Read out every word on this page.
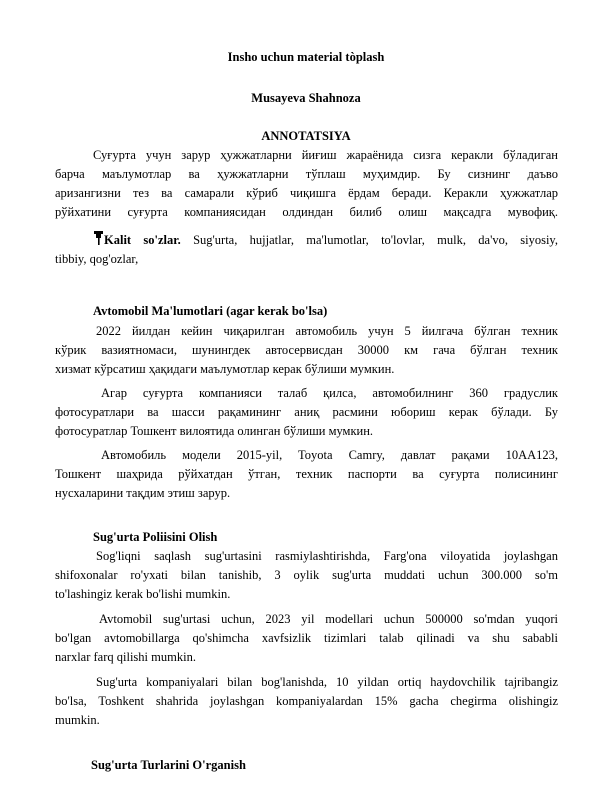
Insho uchun material tòplash
Musayeva Shahnoza
ANNOTATSIYA
Суғурта учун зарур ҳужжатларни йиғиш жараёнида сизга керакли бўладиган
барча маълумотлар ва ҳужжатларни тўплаш муҳимдир. Бу сизнинг даъво
аризангизни тез ва самарали кўриб чиқишга ёрдам беради. Керакли ҳужжатлар
рўйхатини суғурта компаниясидан олдиндан билиб олиш мақсадга мувофиқ.
Kalit so'zlar. Sug'urta, hujjatlar, ma'lumotlar, to'lovlar, mulk, da'vo, siyosiy,
tibbiy, qog'ozlar,
Avtomobil Ma'lumotlari (agar kerak bo'lsa)
2022 йилдан кейин чиқарилган автомобиль учун 5 йилгача бўлган техник
кўрик вазиятномаси, шунингдек автосервисдан 30000 км гача бўлган техник
хизмат кўрсатиш ҳақидаги маълумотлар керак бўлиши мумкин.
Агар суғурта компанияси талаб қилса, автомобилнинг 360 градуслик
фотосуратлари ва шасси рақамининг аниқ расмини юбориш керак бўлади. Бу
фотосуратлар Тошкент вилоятида олинган бўлиши мумкин.
Автомобиль модели 2015-yil, Toyota Camry, давлат рақами 10AA123,
Тошкент шаҳрида рўйхатдан ўтган, техник паспорти ва суғурта полисининг
нусхаларини тақдим этиш зарур.
Sug'urta Poliisini Olish
Sog'liqni saqlash sug'urtasini rasmiylashtirishda, Farg'ona viloyatida joylashgan
shifoxonalar ro'yxati bilan tanishib, 3 oylik sug'urta muddati uchun 300.000 so'm
to'lashingiz kerak bo'lishi mumkin.
Avtomobil sug'urtasi uchun, 2023 yil modellari uchun 500000 so'mdan yuqori
bo'lgan avtomobillarga qo'shimcha xavfsizlik tizimlari talab qilinadi va shu sababli
narxlar farq qilishi mumkin.
Sug'urta kompaniyalari bilan bog'lanishda, 10 yildan ortiq haydovchilik tajribangiz
bo'lsa, Toshkent shahrida joylashgan kompaniyalardan 15% gacha chegirma olishingiz
mumkin.
Sug'urta Turlarini O'rganish
